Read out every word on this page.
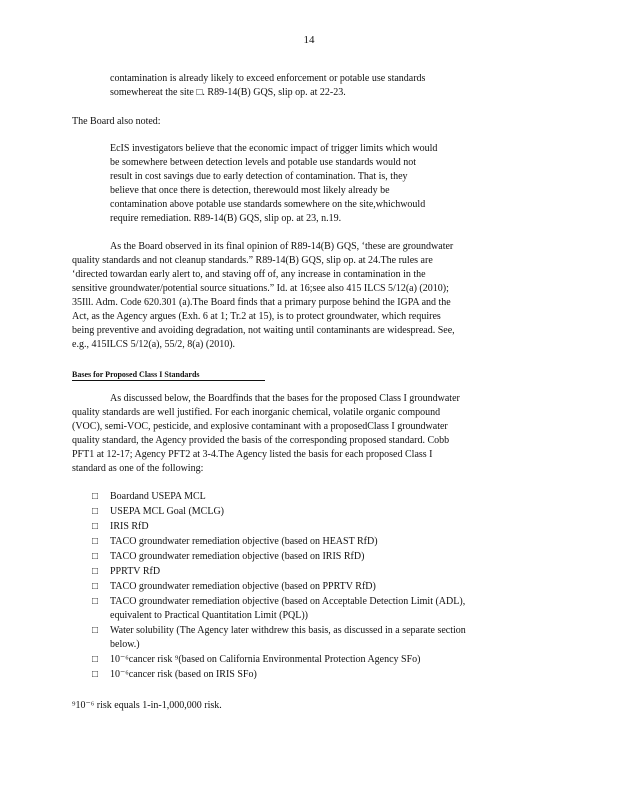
14
contamination is already likely to exceed enforcement or potable use standards
somewhereat the site □. R89-14(B) GQS, slip op. at 22-23.
The Board also noted:
EcIS investigators believe that the economic impact of trigger limits which would
be somewhere between detection levels and potable use standards would not
result in cost savings due to early detection of contamination. That is, they
believe that once there is detection, therewould most likely already be
contamination above potable use standards somewhere on the site,whichwould
require remediation. R89-14(B) GQS, slip op. at 23, n.19.
As the Board observed in its final opinion of R89-14(B) GQS, ‘these are groundwater
quality standards and not cleanup standards.” R89-14(B) GQS, slip op. at 24.The rules are
‘directed towardan early alert to, and staving off of, any increase in contamination in the
sensitive groundwater/potential source situations.” Id. at 16;see also 415 ILCS 5/12(a) (2010);
35Ill. Adm. Code 620.301 (a).The Board finds that a primary purpose behind the IGPA and the
Act, as the Agency argues (Exh. 6 at 1; Tr.2 at 15), is to protect groundwater, which requires
being preventive and avoiding degradation, not waiting until contaminants are widespread. See,
e.g., 415ILCS 5/12(a), 55/2, 8(a) (2010).
Bases for Proposed Class I Standards
As discussed below, the Boardfinds that the bases for the proposed Class I groundwater
quality standards are well justified. For each inorganic chemical, volatile organic compound
(VOC), semi-VOC, pesticide, and explosive contaminant with a proposedClass I groundwater
quality standard, the Agency provided the basis of the corresponding proposed standard. Cobb
PFT1 at 12-17; Agency PFT2 at 3-4.The Agency listed the basis for each proposed Class I
standard as one of the following:
□ Boardand USEPA MCL
□ USEPA MCL Goal (MCLG)
□ IRIS RfD
□ TACO groundwater remediation objective (based on HEAST RfD)
□ TACO groundwater remediation objective (based on IRIS RfD)
□ PPRTV RfD
□ TACO groundwater remediation objective (based on PPRTV RfD)
□ TACO groundwater remediation objective (based on Acceptable Detection Limit (ADL),
equivalent to Practical Quantitation Limit (PQL))
□ Water solubility (The Agency later withdrew this basis, as discussed in a separate section
below.)
□ 10⁻⁶cancer risk ⁹(based on California Environmental Protection Agency SFo)
□ 10⁻⁶cancer risk (based on IRIS SFo)
⁹10⁻⁶ risk equals 1-in-1,000,000 risk.
